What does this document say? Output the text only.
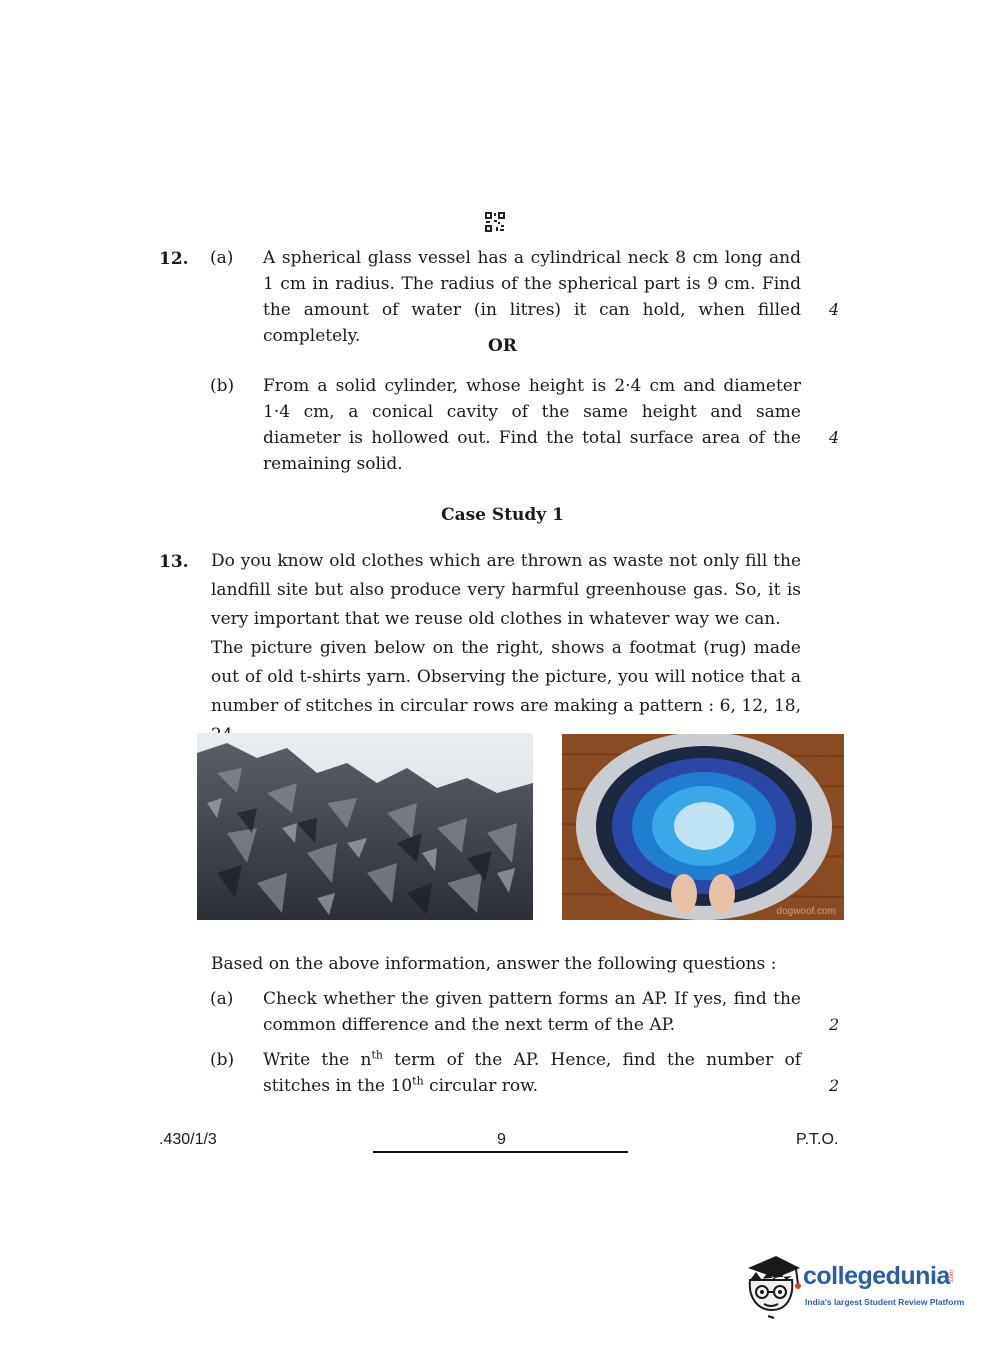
12. (a) A spherical glass vessel has a cylindrical neck 8 cm long and 1 cm in radius. The radius of the spherical part is 9 cm. Find the amount of water (in litres) it can hold, when filled completely.
4
OR
(b) From a solid cylinder, whose height is 2·4 cm and diameter 1·4 cm, a conical cavity of the same height and same diameter is hollowed out. Find the total surface area of the remaining solid.
4
Case Study 1
13. Do you know old clothes which are thrown as waste not only fill the landfill site but also produce very harmful greenhouse gas. So, it is very important that we reuse old clothes in whatever way we can.

The picture given below on the right, shows a footmat (rug) made out of old t-shirts yarn. Observing the picture, you will notice that a number of stitches in circular rows are making a pattern : 6, 12, 18,

dogwoof.com
Based on the above information, answer the following questions :
(a) Check whether the given pattern forms an AP. If yes, find the common difference and the next term of the AP.	2
(b) Write the $n^{th}$ term of the AP. Hence, find the number of stitches in the 10th circular row.	2
.430/1/3	9	P.T.O.
collegedunia .com
India's largest Student Review Platform
